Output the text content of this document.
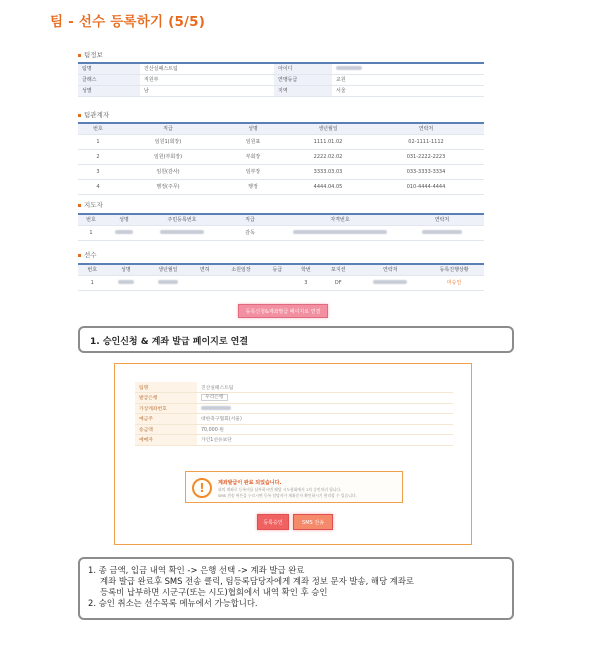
팀 - 선수 등록하기 (5/5)
팀정보
팀명	진산실패스트팀	아이디	
클래스	직원부	연맹등급	교원
성별	남	지역	서울
팀관계자
번호	직급	성명	생년월일	연락처
1	임원1(회장)	임원표	1111.01.02	02-1111-1112
2	임원(부회장)	부회장	2222.02.02	031-2222-2223
3	임원(감사)	임부장	3333.03.03	033-3333-3334
4	행정(주무)	행정	4444.04.05	010-4444-4444
지도자
번호	성명	주민등록번호	직급	자격번호	연락처
1			감독		
선수
번호	성명	생년월일	면허	소원임장	등급	학번	포지션	연락처	등록진행상황
1						3	DF		미승인
등록신청&계좌발급 페이지로 연결
1. 승인신청 & 계좌 발급 페이지로 연결
팀명	진산실패스트팀
발급은행	우리은행
가상계좌번호	
예금주	대한축구협회(서울)
송금액	70,000 원
예매자	가인1선유보단
!	계좌발급이 완료 되었습니다.
위의 계좌로 등록비를 납부하시면 해당 시도협회에서 1차 승인처리 됩니다.
SMS 전송 버튼을 누르시면 등록 담당자가 계좌문자 확인하시기 편리할 수 있습니다.
등록승인	SMS 전송
1. 종 금액, 입금 내역 확인 -> 은행 선택 -> 계좌 발급 완료
계좌 발급 완료후 SMS 전송 클릭, 팀등록담당자에게 계좌 정보 문자 발송, 해당 계좌로
등록비 납부하면 시군구(또는 시도)협회에서 내역 확인 후 승인
2. 승인 취소는 선수목록 메뉴에서 가능합니다.
